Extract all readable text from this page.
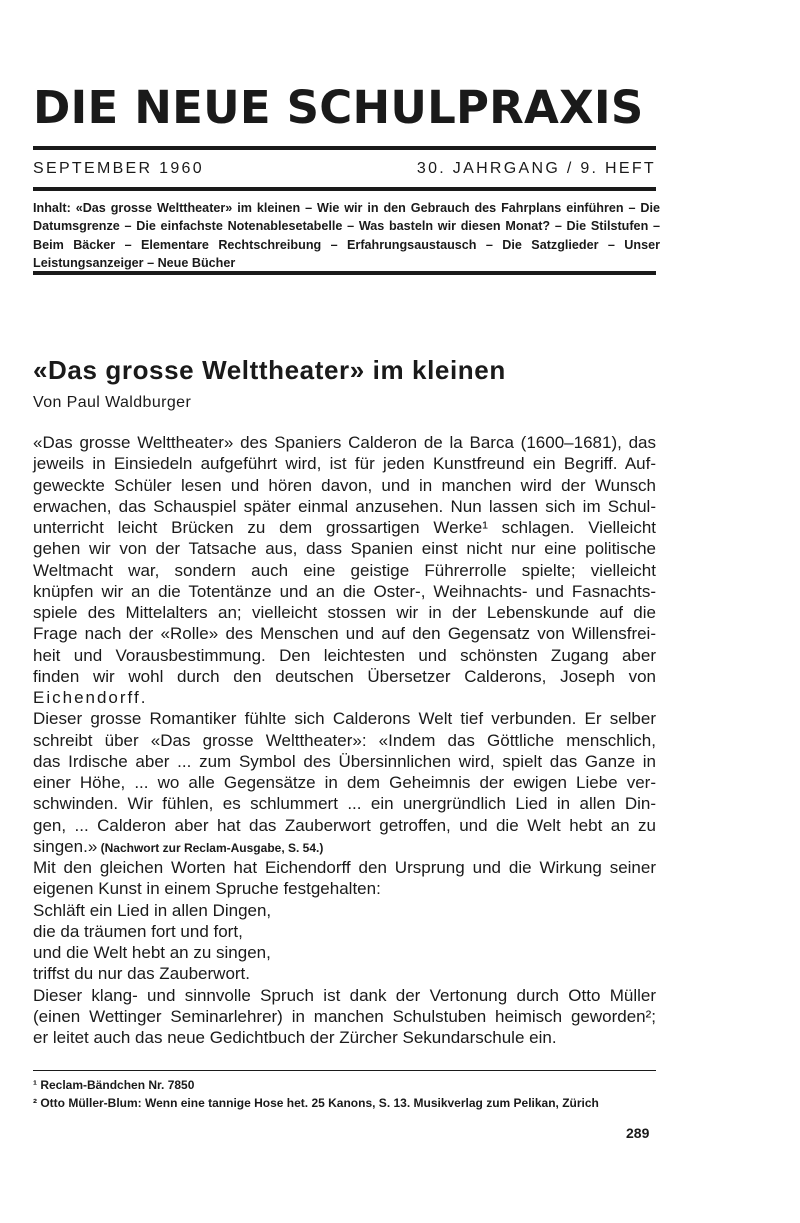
DIE NEUE SCHULPRAXIS
SEPTEMBER 1960	30. JAHRGANG / 9. HEFT
Inhalt: «Das grosse Welttheater» im kleinen – Wie wir in den Gebrauch des Fahrplans einführen – Die Datumsgrenze – Die einfachste Notenablesetabelle – Was basteln wir diesen Monat? – Die Stilstufen – Beim Bäcker – Elementare Rechtschreibung – Erfahrungsaustausch – Die Satzglieder – Unser Leistungsanzeiger – Neue Bücher
«Das grosse Welttheater» im kleinen
Von Paul Waldburger
«Das grosse Welttheater» des Spaniers Calderon de la Barca (1600–1681), das
jeweils in Einsiedeln aufgeführt wird, ist für jeden Kunstfreund ein Begriff. Auf-
geweckte Schüler lesen und hören davon, und in manchen wird der Wunsch
erwachen, das Schauspiel später einmal anzusehen. Nun lassen sich im Schul-
unterricht leicht Brücken zu dem grossartigen Werke¹ schlagen. Vielleicht
gehen wir von der Tatsache aus, dass Spanien einst nicht nur eine politische
Weltmacht war, sondern auch eine geistige Führerrolle spielte; vielleicht
knüpfen wir an die Totentänze und an die Oster-, Weihnachts- und Fasnachts-
spiele des Mittelalters an; vielleicht stossen wir in der Lebenskunde auf die
Frage nach der «Rolle» des Menschen und auf den Gegensatz von Willensfrei-
heit und Vorausbestimmung. Den leichtesten und schönsten Zugang aber
finden wir wohl durch den deutschen Übersetzer Calderons, Joseph von
Eichendorff.
Dieser grosse Romantiker fühlte sich Calderons Welt tief verbunden. Er selber
schreibt über «Das grosse Welttheater»: «Indem das Göttliche menschlich,
das Irdische aber ... zum Symbol des Übersinnlichen wird, spielt das Ganze in
einer Höhe, ... wo alle Gegensätze in dem Geheimnis der ewigen Liebe ver-
schwinden. Wir fühlen, es schlummert ... ein unergründlich Lied in allen Din-
gen, ... Calderon aber hat das Zauberwort getroffen, und die Welt hebt an zu
singen.» (Nachwort zur Reclam-Ausgabe, S. 54.)
Mit den gleichen Worten hat Eichendorff den Ursprung und die Wirkung seiner
eigenen Kunst in einem Spruche festgehalten:
Schläft ein Lied in allen Dingen,
die da träumen fort und fort,
und die Welt hebt an zu singen,
triffst du nur das Zauberwort.
Dieser klang- und sinnvolle Spruch ist dank der Vertonung durch Otto Müller
(einen Wettinger Seminarlehrer) in manchen Schulstuben heimisch geworden²;
er leitet auch das neue Gedichtbuch der Zürcher Sekundarschule ein.
¹ Reclam-Bändchen Nr. 7850
² Otto Müller-Blum: Wenn eine tannige Hose het. 25 Kanons, S. 13. Musikverlag zum Pelikan, Zürich
289
